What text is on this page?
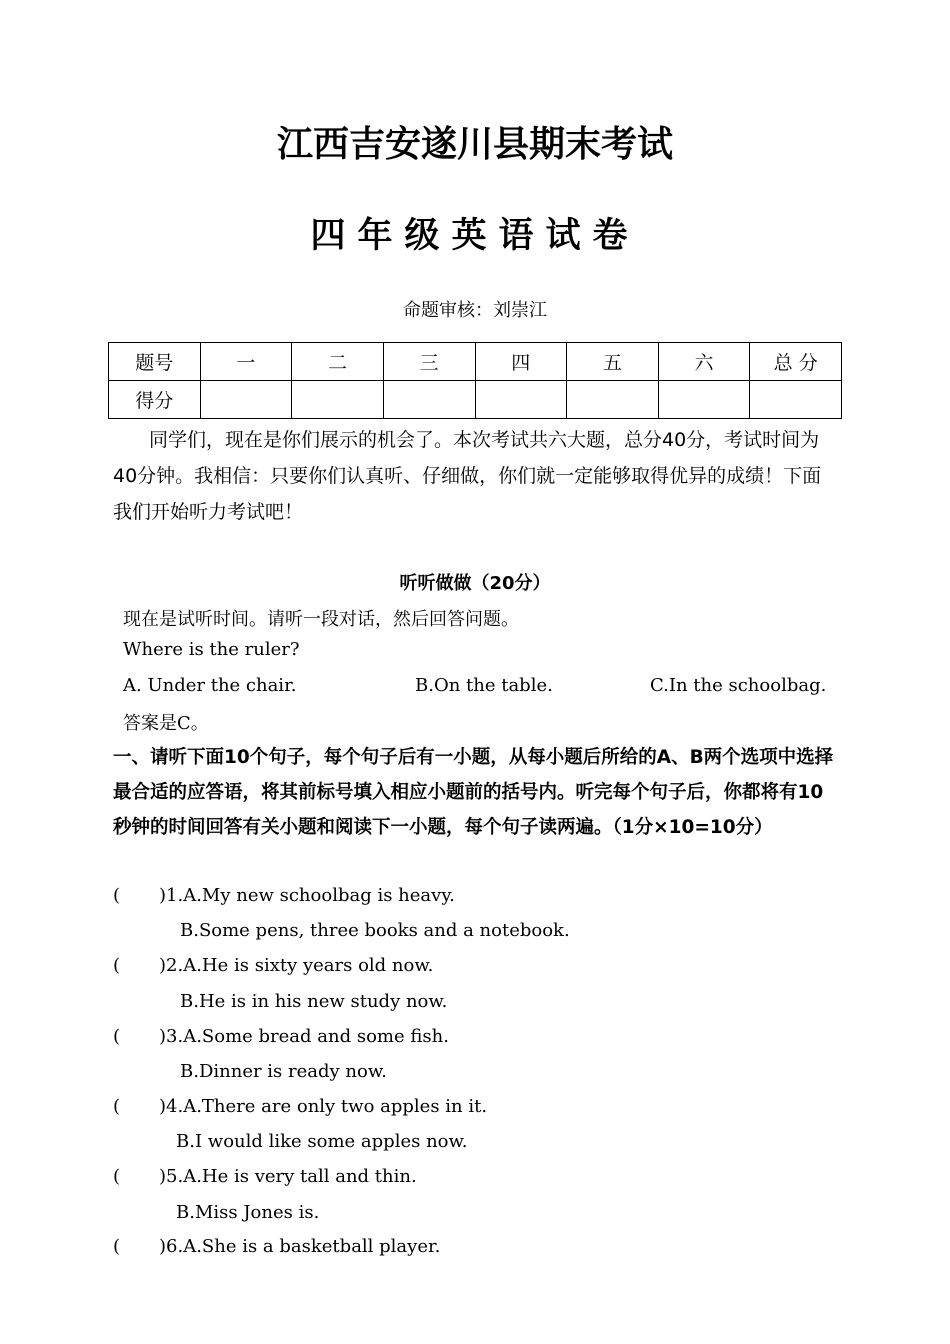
江西吉安遂川县期末考试
四年级英语试卷
命题审核：刘崇江
题号	一	二	三	四	五	六	总 分
得分							
同学们，现在是你们展示的机会了。本次考试共六大题，总分40分，考试时间为40分钟。我相信：只要你们认真听、仔细做，你们就一定能够取得优异的成绩！下面我们开始听力考试吧！
听听做做（20分）
现在是试听时间。请听一段对话，然后回答问题。
Where is the ruler?
A. Under the chair.	B.On the table.	C.In the schoolbag.
答案是C。
一、请听下面10个句子，每个句子后有一小题，从每小题后所给的A、B两个选项中选择最合适的应答语，将其前标号填入相应小题前的括号内。听完每个句子后，你都将有10秒钟的时间回答有关小题和阅读下一小题，每个句子读两遍。（1分×10=10分）
( )1.A.My new schoolbag is heavy.
B.Some pens, three books and a notebook.
( )2.A.He is sixty years old now.
B.He is in his new study now.
( )3.A.Some bread and some fish.
B.Dinner is ready now.
( )4.A.There are only two apples in it.
B.I would like some apples now.
( )5.A.He is very tall and thin.
B.Miss Jones is.
( )6.A.She is a basketball player.
